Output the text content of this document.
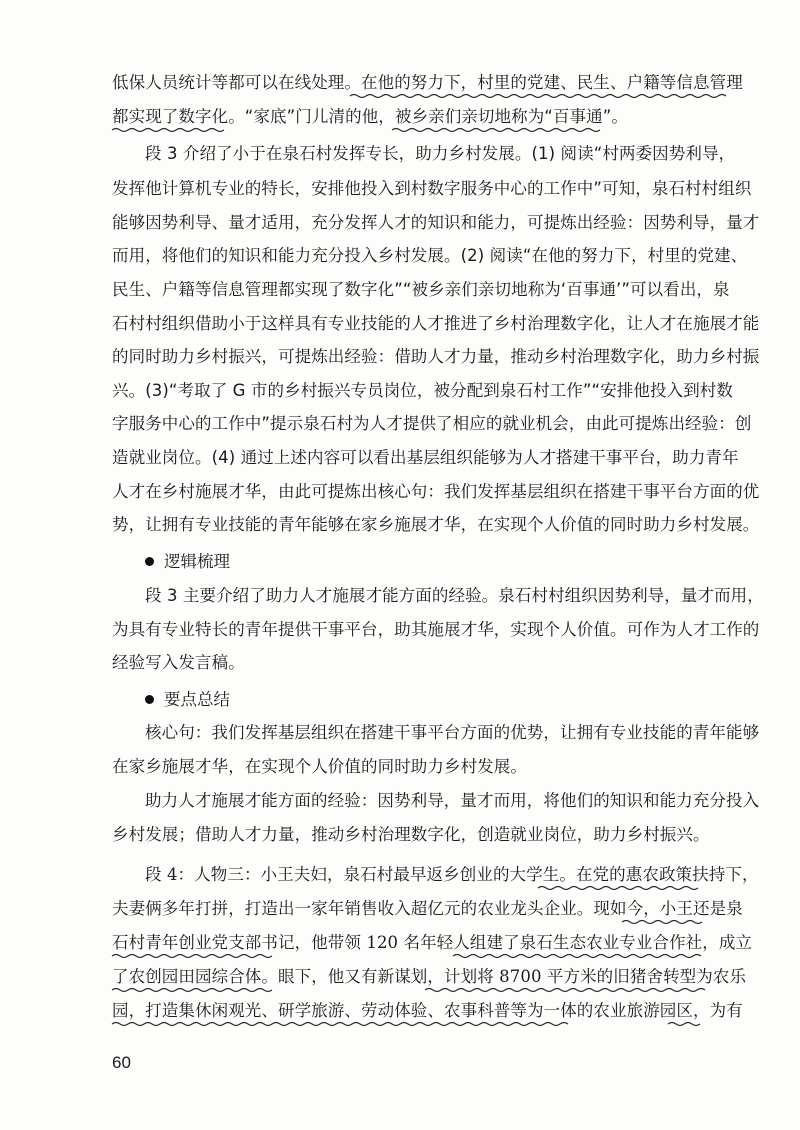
低保人员统计等都可以在线处理。在他的努力下，村里的党建、民生、户籍等信息管理
都实现了数字化。“家底”门儿清的他，被乡亲们亲切地称为“百事通”。
段 3 介绍了小于在泉石村发挥专长，助力乡村发展。(1) 阅读“村两委因势利导，
发挥他计算机专业的特长，安排他投入到村数字服务中心的工作中”可知，泉石村村组织
能够因势利导、量才适用，充分发挥人才的知识和能力，可提炼出经验：因势利导，量才
而用，将他们的知识和能力充分投入乡村发展。(2) 阅读“在他的努力下，村里的党建、
民生、户籍等信息管理都实现了数字化”“被乡亲们亲切地称为‘百事通’”可以看出，泉
石村村组织借助小于这样具有专业技能的人才推进了乡村治理数字化，让人才在施展才能
的同时助力乡村振兴，可提炼出经验：借助人才力量，推动乡村治理数字化，助力乡村振
兴。(3)“考取了 G 市的乡村振兴专员岗位，被分配到泉石村工作”“安排他投入到村数
字服务中心的工作中”提示泉石村为人才提供了相应的就业机会，由此可提炼出经验：创
造就业岗位。(4) 通过上述内容可以看出基层组织能够为人才搭建干事平台，助力青年
人才在乡村施展才华，由此可提炼出核心句：我们发挥基层组织在搭建干事平台方面的优
势，让拥有专业技能的青年能够在家乡施展才华，在实现个人价值的同时助力乡村发展。
逻辑梳理
段 3 主要介绍了助力人才施展才能方面的经验。泉石村村组织因势利导，量才而用，
为具有专业特长的青年提供干事平台，助其施展才华，实现个人价值。可作为人才工作的
经验写入发言稿。
要点总结
核心句：我们发挥基层组织在搭建干事平台方面的优势，让拥有专业技能的青年能够
在家乡施展才华，在实现个人价值的同时助力乡村发展。
助力人才施展才能方面的经验：因势利导，量才而用，将他们的知识和能力充分投入
乡村发展；借助人才力量，推动乡村治理数字化，创造就业岗位，助力乡村振兴。
段 4：人物三：小王夫妇，泉石村最早返乡创业的大学生。在党的惠农政策扶持下，
夫妻俩多年打拼，打造出一家年销售收入超亿元的农业龙头企业。现如今，小王还是泉
石村青年创业党支部书记，他带领 120 名年轻人组建了泉石生态农业专业合作社，成立
了农创园田园综合体。眼下，他又有新谋划，计划将 8700 平方米的旧猪舍转型为农乐
园，打造集休闲观光、研学旅游、劳动体验、农事科普等为一体的农业旅游园区，为有
60
